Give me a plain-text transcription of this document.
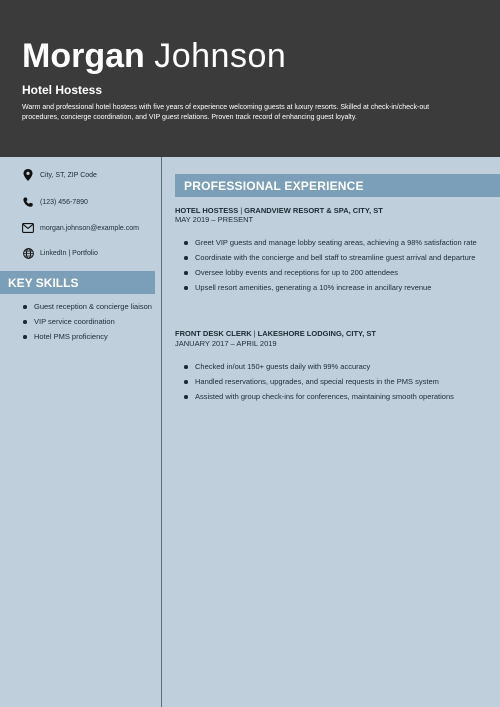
Morgan Johnson
Hotel Hostess
Warm and professional hotel hostess with five years of experience welcoming guests at luxury resorts. Skilled at check-in/check-out procedures, concierge coordination, and VIP guest relations. Proven track record of enhancing guest loyalty.
City, ST, ZIP Code
(123) 456-7890
morgan.johnson@example.com
LinkedIn | Portfolio
KEY SKILLS
Guest reception & concierge liaison
VIP service coordination
Hotel PMS proficiency
PROFESSIONAL EXPERIENCE
HOTEL HOSTESS | GRANDVIEW RESORT & SPA, CITY, ST
MAY 2019 – PRESENT
Greet VIP guests and manage lobby seating areas, achieving a 98% satisfaction rate
Coordinate with the concierge and bell staff to streamline guest arrival and departure
Oversee lobby events and receptions for up to 200 attendees
Upsell resort amenities, generating a 10% increase in ancillary revenue
FRONT DESK CLERK | LAKESHORE LODGING, CITY, ST
JANUARY 2017 – APRIL 2019
Checked in/out 150+ guests daily with 99% accuracy
Handled reservations, upgrades, and special requests in the PMS system
Assisted with group check-ins for conferences, maintaining smooth operations
